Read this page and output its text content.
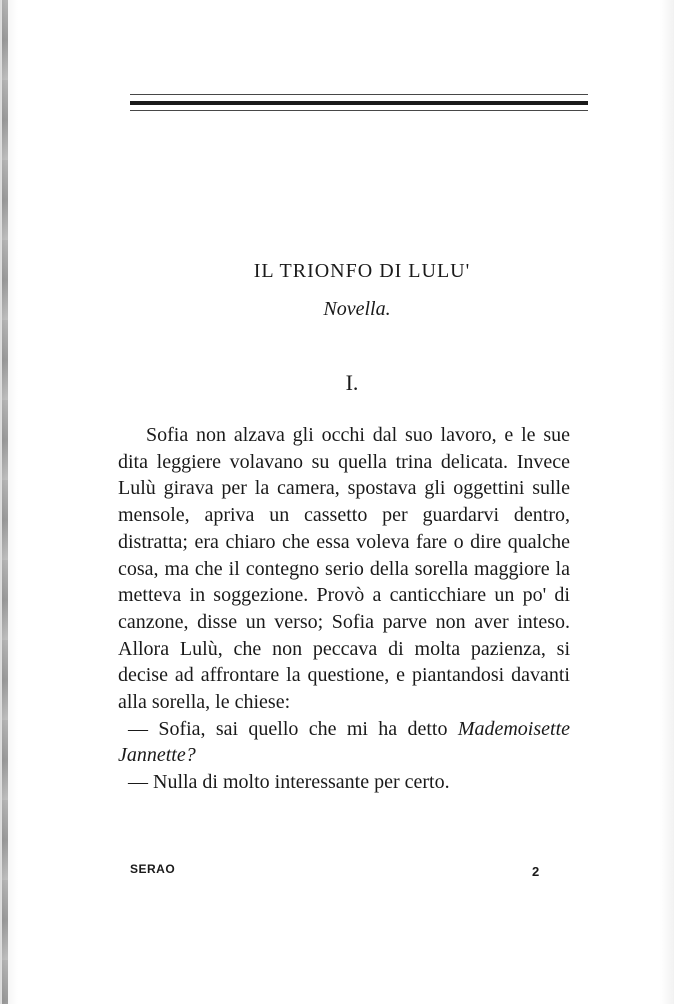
IL TRIONFO DI LULU'
Novella.
I.

Sofia non alzava gli occhi dal suo lavoro, e le sue dita leggiere volavano su quella trina delicata. Invece Lulù girava per la camera, spostava gli oggettini sulle mensole, apriva un cassetto per guardarvi dentro, distratta; era chiaro che essa voleva fare o dire qualche cosa, ma che il contegno serio della sorella maggiore la metteva in soggezione. Provò a canticchiare un po' di canzone, disse un verso; Sofia parve non aver inteso. Allora Lulù, che non peccava di molta pazienza, si decise ad affrontare la questione, e piantandosi davanti alla sorella, le chiese:

— Sofia, sai quello che mi ha detto Mademoisette Jannette?

— Nulla di molto interessante per certo.

SERAO	2
